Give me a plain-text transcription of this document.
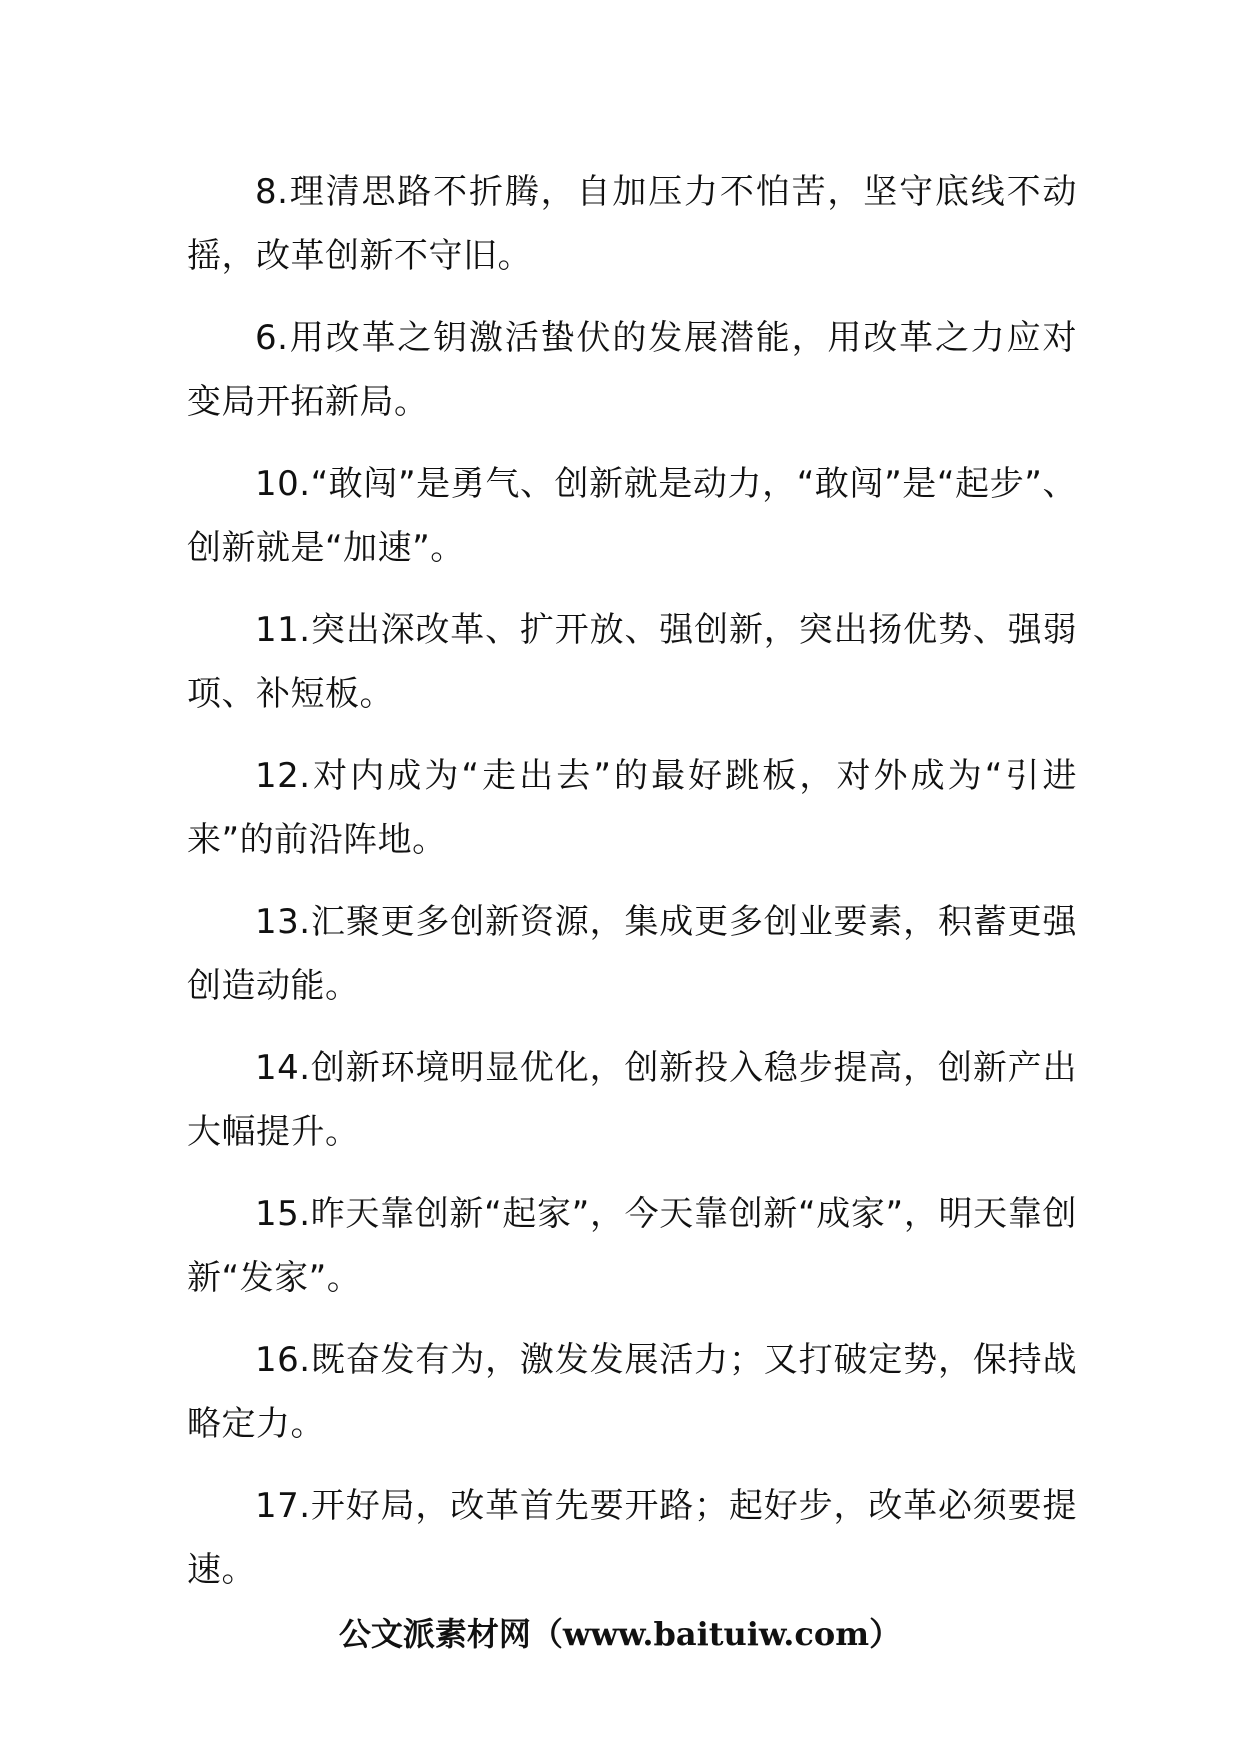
8.理清思路不折腾，自加压力不怕苦，坚守底线不动摇，改革创新不守旧。

6.用改革之钥激活蛰伏的发展潜能，用改革之力应对变局开拓新局。

10.“敢闯”是勇气、创新就是动力，“敢闯”是“起步”、创新就是“加速”。

11.突出深改革、扩开放、强创新，突出扬优势、强弱项、补短板。

12.对内成为“走出去”的最好跳板，对外成为“引进来”的前沿阵地。

13.汇聚更多创新资源，集成更多创业要素，积蓄更强创造动能。

14.创新环境明显优化，创新投入稳步提高，创新产出大幅提升。

15.昨天靠创新“起家”，今天靠创新“成家”，明天靠创新“发家”。

16.既奋发有为，激发发展活力；又打破定势，保持战略定力。

17.开好局，改革首先要开路；起好步，改革必须要提速。

公文派素材网（www.baituiw.com）
